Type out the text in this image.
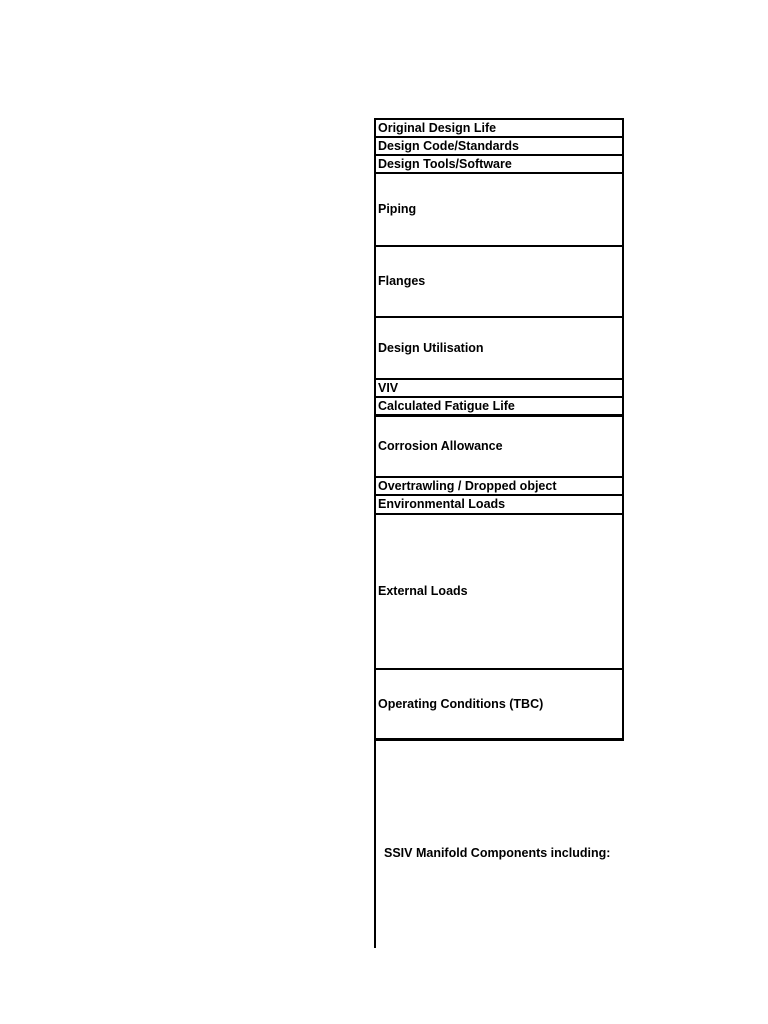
Original Design Life
Design Code/Standards
Design Tools/Software
Piping
Flanges
Design Utilisation
VIV
Calculated Fatigue Life
Corrosion Allowance
Overtrawling / Dropped object
Environmental Loads
External Loads
Operating Conditions (TBC)
SSIV Manifold Components including:
